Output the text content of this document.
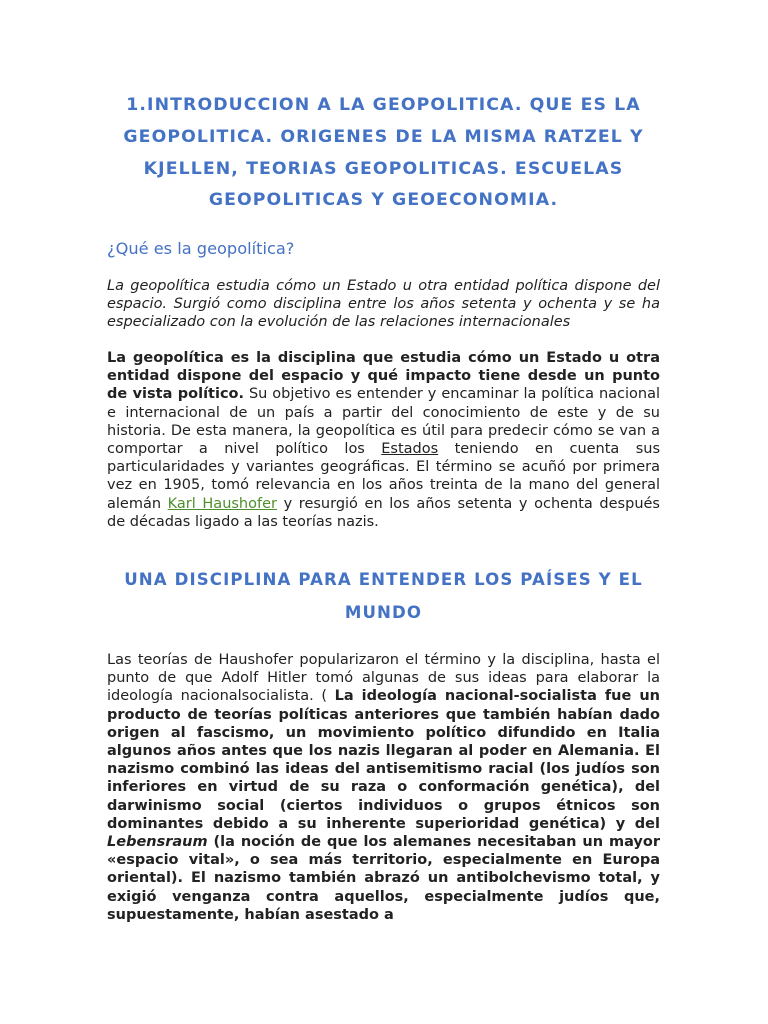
1.INTRODUCCION A LA GEOPOLITICA. QUE ES LA GEOPOLITICA. ORIGENES DE LA MISMA RATZEL Y KJELLEN, TEORIAS GEOPOLITICAS. ESCUELAS GEOPOLITICAS Y GEOECONOMIA.
¿Qué es la geopolítica?

La geopolítica estudia cómo un Estado u otra entidad política dispone del espacio. Surgió como disciplina entre los años setenta y ochenta y se ha especializado con la evolución de las relaciones internacionales

La geopolítica es la disciplina que estudia cómo un Estado u otra entidad dispone del espacio y qué impacto tiene desde un punto de vista político. Su objetivo es entender y encaminar la política nacional e internacional de un país a partir del conocimiento de este y de su historia. De esta manera, la geopolítica es útil para predecir cómo se van a comportar a nivel político los Estados teniendo en cuenta sus particularidades y variantes geográficas. El término se acuñó por primera vez en 1905, tomó relevancia en los años treinta de la mano del general alemán Karl Haushofer y resurgió en los años setenta y ochenta después de décadas ligado a las teorías nazis.

UNA DISCIPLINA PARA ENTENDER LOS PAÍSES Y EL MUNDO

Las teorías de Haushofer popularizaron el término y la disciplina, hasta el punto de que Adolf Hitler tomó algunas de sus ideas para elaborar la ideología nacionalsocialista. ( La ideología nacional-socialista fue un producto de teorías políticas anteriores que también habían dado origen al fascismo, un movimiento político difundido en Italia algunos años antes que los nazis llegaran al poder en Alemania. El nazismo combinó las ideas del antisemitismo racial (los judíos son inferiores en virtud de su raza o conformación genética), del darwinismo social (ciertos individuos o grupos étnicos son dominantes debido a su inherente superioridad genética) y del Lebensraum (la noción de que los alemanes necesitaban un mayor «espacio vital», o sea más territorio, especialmente en Europa oriental). El nazismo también abrazó un antibolchevismo total, y exigió venganza contra aquellos, especialmente judíos que, supuestamente, habían asestado a
